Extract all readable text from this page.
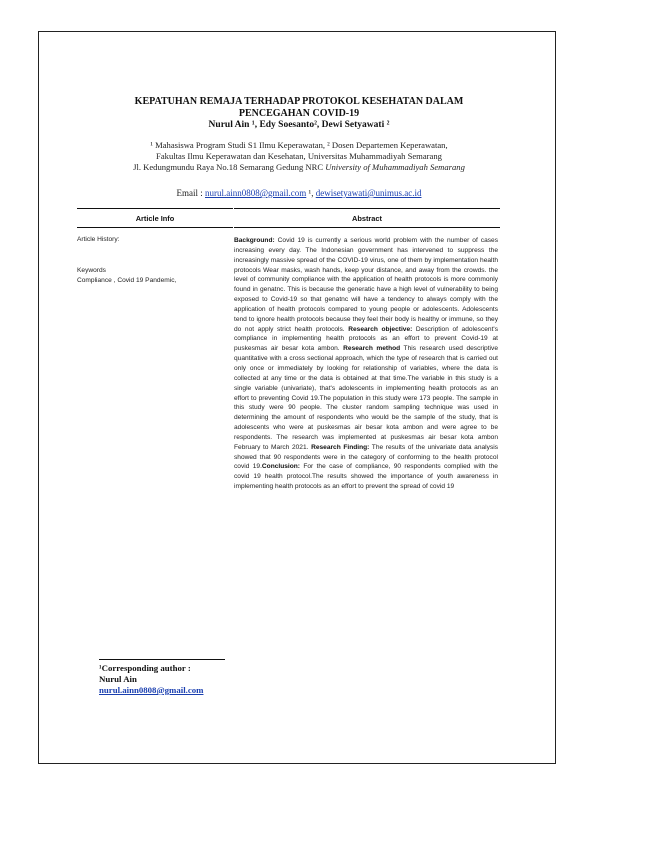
KEPATUHAN REMAJA TERHADAP PROTOKOL KESEHATAN DALAM PENCEGAHAN COVID-19
Nurul Ain ¹, Edy Soesanto², Dewi Setyawati ²
¹ Mahasiswa Program Studi S1 Ilmu Keperawatan, ² Dosen Departemen Keperawatan,
Fakultas Ilmu Keperawatan dan Kesehatan, Universitas Muhammadiyah Semarang
Jl. Kedungmundu Raya No.18 Semarang Gedung NRC University of Muhammadiyah Semarang
Email : nurul.ainn0808@gmail.com ¹, dewisetyawati@unimus.ac.id
Article Info	Abstract
Article History:
Keywords
Compliance , Covid 19 Pandemic,
Background: Covid 19 is currently a serious world problem with the number of cases increasing every day. The Indonesian government has intervened to suppress the increasingly massive spread of the COVID-19 virus, one of them by implementation health protocols Wear masks, wash hands, keep your distance, and away from the crowds. the level of community compliance with the application of health protocols is more commonly found in genatnc. This is because the generatic have a high level of vulnerability to being exposed to Covid-19 so that genatnc will have a tendency to always comply with the application of health protocols compared to young people or adolescents. Adolescents tend to ignore health protocols because they feel their body is healthy or immune, so they do not apply strict health protocols. Research objective: Description of adolescent's compliance in implementing health protocols as an effort to prevent Covid-19 at puskesmas air besar kota ambon. Research method This research used descriptive quantitative with a cross sectional approach, which the type of research that is carried out only once or immediately by looking for relationship of variables, where the data is collected at any time or the data is obtained at that time.The variable in this study is a single variable (univariate), that's adolescents in implementing health protocols as an effort to preventing Covid 19.The population in this study were 173 people. The sample in this study were 90 people. The cluster random sampling technique was used in determining the amount of respondents who would be the sample of the study, that is adolescents who were at puskesmas air besar kota ambon and were agree to be respondents. The research was implemented at puskesmas air besar kota ambon February to March 2021. Research Finding: The results of the univariate data analysis showed that 90 respondents were in the category of conforming to the health protocol covid 19.Conclusion: For the case of compliance, 90 respondents complied with the covid 19 health protocol.The results showed the importance of youth awareness in implementing health protocols as an effort to prevent the spread of covid 19
¹Corresponding author :
Nurul Ain
nurul.ainn0808@gmail.com
